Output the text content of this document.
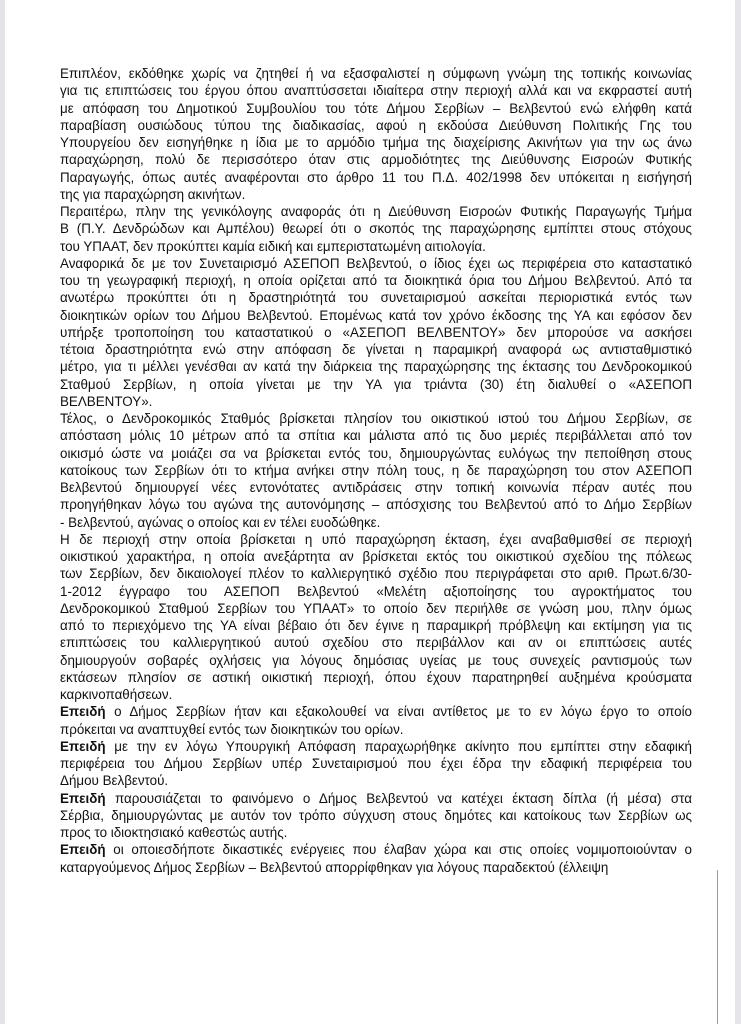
Επιπλέον, εκδόθηκε χωρίς να ζητηθεί ή να εξασφαλιστεί η σύμφωνη γνώμη της τοπικής κοινωνίας
για τις επιπτώσεις του έργου όπου αναπτύσσεται ιδιαίτερα στην περιοχή αλλά και να εκφραστεί αυτή
με απόφαση του Δημοτικού Συμβουλίου του τότε Δήμου Σερβίων – Βελβεντού ενώ ελήφθη κατά
παραβίαση ουσιώδους τύπου της διαδικασίας, αφού η εκδούσα Διεύθυνση Πολιτικής Γης του
Υπουργείου δεν εισηγήθηκε η ίδια με το αρμόδιο τμήμα της διαχείρισης Ακινήτων για την ως άνω
παραχώρηση, πολύ δε περισσότερο όταν στις αρμοδιότητες της Διεύθυνσης Εισροών Φυτικής
Παραγωγής, όπως αυτές αναφέρονται στο άρθρο 11 του Π.Δ. 402/1998 δεν υπόκειται η εισήγησή
της για παραχώρηση ακινήτων.
Περαιτέρω, πλην της γενικόλογης αναφοράς ότι η Διεύθυνση Εισροών Φυτικής Παραγωγής Τμήμα
Β (Π.Υ. Δενδρώδων και Αμπέλου) θεωρεί ότι ο σκοπός της παραχώρησης εμπίπτει στους στόχους
του ΥΠΑΑΤ, δεν προκύπτει καμία ειδική και εμπεριστατωμένη αιτιολογία.
Αναφορικά δε με τον Συνεταιρισμό ΑΣΕΠΟΠ Βελβεντού, ο ίδιος έχει ως περιφέρεια στο καταστατικό
του τη γεωγραφική περιοχή, η οποία ορίζεται από τα διοικητικά όρια του Δήμου Βελβεντού. Από τα
ανωτέρω προκύπτει ότι η δραστηριότητά του συνεταιρισμού ασκείται περιοριστικά εντός των
διοικητικών ορίων του Δήμου Βελβεντού. Επομένως κατά τον χρόνο έκδοσης της ΥΑ και εφόσον δεν
υπήρξε τροποποίηση του καταστατικού ο «ΑΣΕΠΟΠ ΒΕΛΒΕΝΤΟΥ» δεν μπορούσε να ασκήσει
τέτοια δραστηριότητα ενώ στην απόφαση δε γίνεται η παραμικρή αναφορά ως αντισταθμιστικό
μέτρο, για τι μέλλει γενέσθαι αν κατά την διάρκεια της παραχώρησης της έκτασης του Δενδροκομικού
Σταθμού Σερβίων, η οποία γίνεται με την ΥΑ για τριάντα (30) έτη διαλυθεί ο «ΑΣΕΠΟΠ
ΒΕΛΒΕΝΤΟΥ».
Τέλος, ο Δενδροκομικός Σταθμός βρίσκεται πλησίον του οικιστικού ιστού του Δήμου Σερβίων, σε
απόσταση μόλις 10 μέτρων από τα σπίτια και μάλιστα από τις δυο μεριές περιβάλλεται από τον
οικισμό ώστε να μοιάζει σα να βρίσκεται εντός του, δημιουργώντας ευλόγως την πεποίθηση στους
κατοίκους των Σερβίων ότι το κτήμα ανήκει στην πόλη τους, η δε παραχώρηση του στον ΑΣΕΠΟΠ
Βελβεντού δημιουργεί νέες εντονότατες αντιδράσεις στην τοπική κοινωνία πέραν αυτές που
προηγήθηκαν λόγω του αγώνα της αυτονόμησης – απόσχισης του Βελβεντού από το Δήμο Σερβίων
- Βελβεντού, αγώνας ο οποίος και εν τέλει ευοδώθηκε.
Η δε περιοχή στην οποία βρίσκεται η υπό παραχώρηση έκταση, έχει αναβαθμισθεί σε περιοχή
οικιστικού χαρακτήρα, η οποία ανεξάρτητα αν βρίσκεται εκτός του οικιστικού σχεδίου της πόλεως
των Σερβίων, δεν δικαιολογεί πλέον το καλλιεργητικό σχέδιο που περιγράφεται στο αριθ. Πρωτ.6/30-
1-2012 έγγραφο του ΑΣΕΠΟΠ Βελβεντού «Μελέτη αξιοποίησης του αγροκτήματος του
Δενδροκομικού Σταθμού Σερβίων του ΥΠΑΑΤ» το οποίο δεν περιήλθε σε γνώση μου, πλην όμως
από το περιεχόμενο της ΥΑ είναι βέβαιο ότι δεν έγινε η παραμικρή πρόβλεψη και εκτίμηση για τις
επιπτώσεις του καλλιεργητικού αυτού σχεδίου στο περιβάλλον και αν οι επιπτώσεις αυτές
δημιουργούν σοβαρές οχλήσεις για λόγους δημόσιας υγείας με τους συνεχείς ραντισμούς των
εκτάσεων πλησίον σε αστική οικιστική περιοχή, όπου έχουν παρατηρηθεί αυξημένα κρούσματα
καρκινοπαθήσεων.
Επειδή ο Δήμος Σερβίων ήταν και εξακολουθεί να είναι αντίθετος με το εν λόγω έργο το οποίο
πρόκειται να αναπτυχθεί εντός των διοικητικών του ορίων.
Επειδή με την εν λόγω Υπουργική Απόφαση παραχωρήθηκε ακίνητο που εμπίπτει στην εδαφική
περιφέρεια του Δήμου Σερβίων υπέρ Συνεταιρισμού που έχει έδρα την εδαφική περιφέρεια του
Δήμου Βελβεντού.
Επειδή παρουσιάζεται το φαινόμενο ο Δήμος Βελβεντού να κατέχει έκταση δίπλα (ή μέσα) στα
Σέρβια, δημιουργώντας με αυτόν τον τρόπο σύγχυση στους δημότες και κατοίκους των Σερβίων ως
προς το ιδιοκτησιακό καθεστώς αυτής.
Επειδή οι οποιεσδήποτε δικαστικές ενέργειες που έλαβαν χώρα και στις οποίες νομιμοποιούνταν ο
καταργούμενος Δήμος Σερβίων – Βελβεντού απορρίφθηκαν για λόγους παραδεκτού (έλλειψη
